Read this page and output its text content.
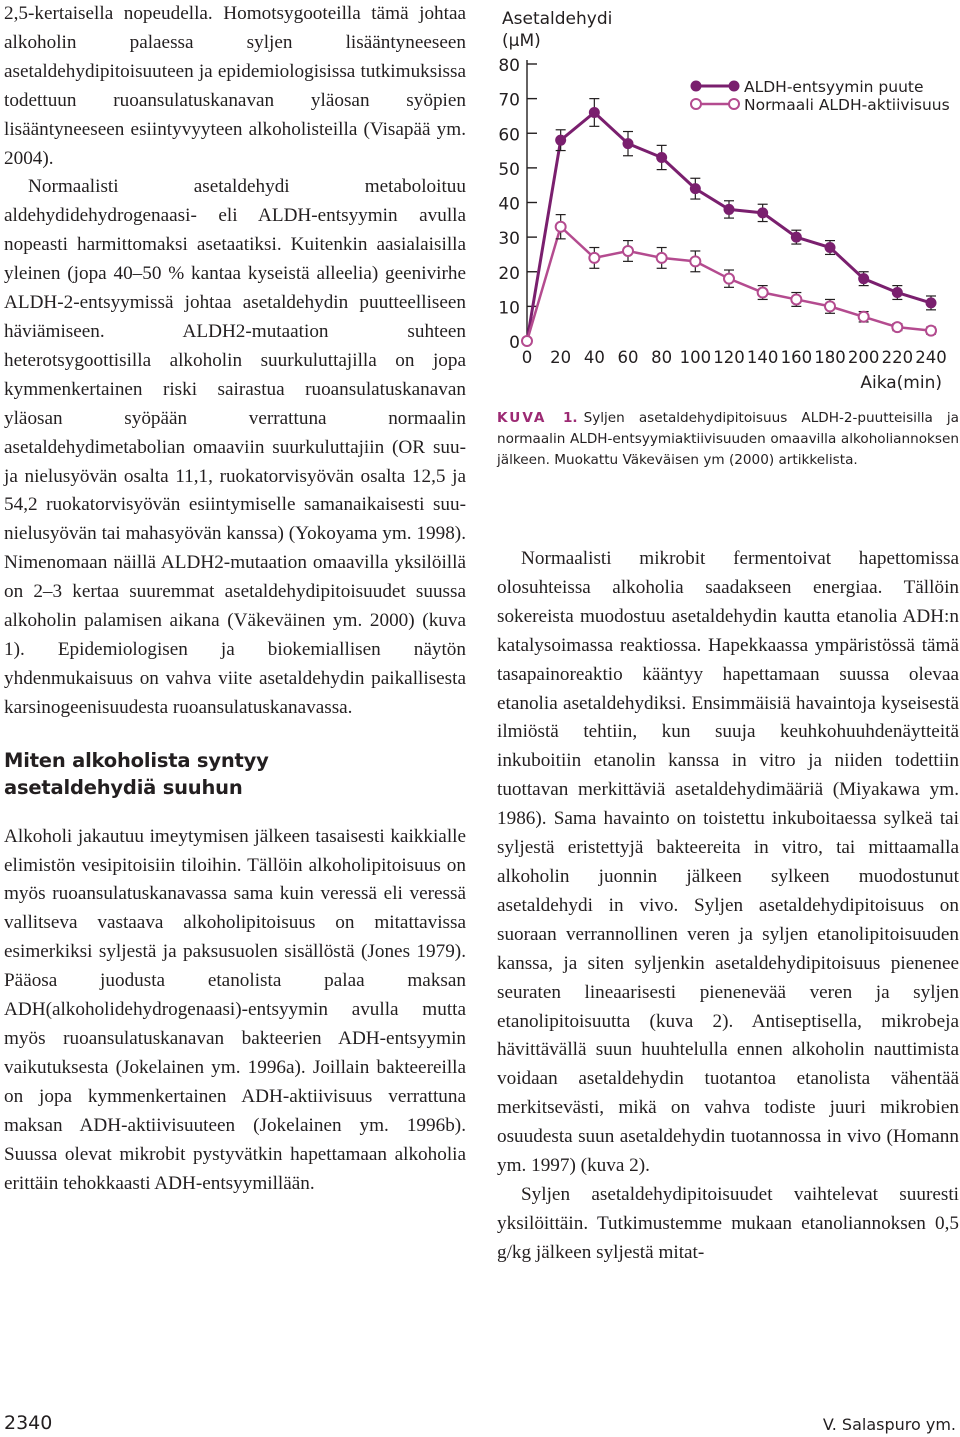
2,5-kertaisella nopeudella. Homotsygooteilla tämä johtaa alkoholin palaessa syljen lisääntyneeseen asetaldehydipitoisuuteen ja epidemiologisissa tutkimuksissa todettuun ruoansulatuskanavan yläosan syöpien lisääntyneeseen esiintyvyyteen alkoholisteilla (Visapää ym. 2004).

Normaalisti asetaldehydi metaboloituu aldehydidehydrogenaasi- eli ALDH-entsyymin avulla nopeasti harmittomaksi asetaatiksi. Kuitenkin aasialaisilla yleinen (jopa 40–50 % kantaa kyseistä alleelia) geenivirhe ALDH-2-entsyymissä johtaa asetaldehydin puutteelliseen häviämiseen. ALDH2-mutaation suhteen heterotsygoottisilla alkoholin suurkuluttajilla on jopa kymmenkertainen riski sairastua ruoansulatuskanavan yläosan syöpään verrattuna normaalin asetaldehydimetabolian omaaviin suurkuluttajiin (OR suu- ja nielusyövän osalta 11,1, ruokatorvisyövän osalta 12,5 ja 54,2 ruokatorvisyövän esiintymiselle samanaikaisesti suu-nielusyövän tai mahasyövän kanssa) (Yokoyama ym. 1998). Nimenomaan näillä ALDH2-mutaation omaavilla yksilöillä on 2–3 kertaa suuremmat asetaldehydipitoisuudet suussa alkoholin palamisen aikana (Väkeväinen ym. 2000) (kuva 1). Epidemiologisen ja biokemiallisen näytön yhdenmukaisuus on vahva viite asetaldehydin paikallisesta karsinogeenisuudesta ruoansulatuskanavassa.

Miten alkoholista syntyy
asetaldehydiä suuhun

Alkoholi jakautuu imeytymisen jälkeen tasaisesti kaikkialle elimistön vesipitoisiin tiloihin. Tällöin alkoholipitoisuus on myös ruoansulatuskanavassa sama kuin veressä eli veressä vallitseva vastaava alkoholipitoisuus on mitattavissa esimerkiksi syljestä ja paksusuolen sisällöstä (Jones 1979). Pääosa juodusta etanolista palaa maksan ADH(alkoholidehydrogenaasi)-entsyymin avulla mutta myös ruoansulatuskanavan bakteerien ADH-entsyymin vaikutuksesta (Jokelainen ym. 1996a). Joillain bakteereilla on jopa kymmenkertainen ADH-aktiivisuus verrattuna maksan ADH-aktiivisuuteen (Jokelainen ym. 1996b). Suussa olevat mikrobit pystyvätkin hapettamaan alkoholia erittäin tehokkaasti ADH-entsyymillään.

Asetaldehydi
(µM)
Aika(min)
0
10
20
30
40
50
60
70
80
0 20 40 60 80 100 120 140 160 180 200 220 240
ALDH-entsyymin puute
Normaali ALDH-aktiivisuus
KUVA 1. Syljen asetaldehydipitoisuus ALDH-2-puutteisilla ja normaalin ALDH-entsyymiaktiivisuuden omaavilla alkoholiannoksen jälkeen. Muokattu Väkeväisen ym (2000) artikkelista.

Normaalisti mikrobit fermentoivat hapettomissa olosuhteissa alkoholia saadakseen energiaa. Tällöin sokereista muodostuu asetaldehydin kautta etanolia ADH:n katalysoimassa reaktiossa. Hapekkaassa ympäristössä tämä tasapainoreaktio kääntyy hapettamaan suussa olevaa etanolia asetaldehydiksi. Ensimmäisiä havaintoja kyseisestä ilmiöstä tehtiin, kun suuja keuhkohuuhdenäytteitä inkuboitiin etanolin kanssa in vitro ja niiden todettiin tuottavan merkittäviä asetaldehydimääriä (Miyakawa ym. 1986). Sama havainto on toistettu inkuboitaessa sylkeä tai syljestä eristettyjä bakteereita in vitro, tai mittaamalla alkoholin juonnin jälkeen sylkeen muodostunut asetaldehydi in vivo. Syljen asetaldehydipitoisuus on suoraan verrannollinen veren ja syljen etanolipitoisuuden kanssa, ja siten syljenkin asetaldehydipitoisuus pienenee seuraten lineaarisesti pienenevää veren ja syljen etanolipitoisuutta (kuva 2). Antiseptisella, mikrobeja hävittävällä suun huuhtelulla ennen alkoholin nauttimista voidaan asetaldehydin tuotantoa etanolista vähentää merkitsevästi, mikä on vahva todiste juuri mikrobien osuudesta suun asetaldehydin tuotannossa in vivo (Homann ym. 1997) (kuva 2).

Syljen asetaldehydipitoisuudet vaihtelevat suuresti yksilöittäin. Tutkimustemme mukaan etanoliannoksen 0,5 g/kg jälkeen syljestä mitat-

2340	V. Salaspuro ym.
